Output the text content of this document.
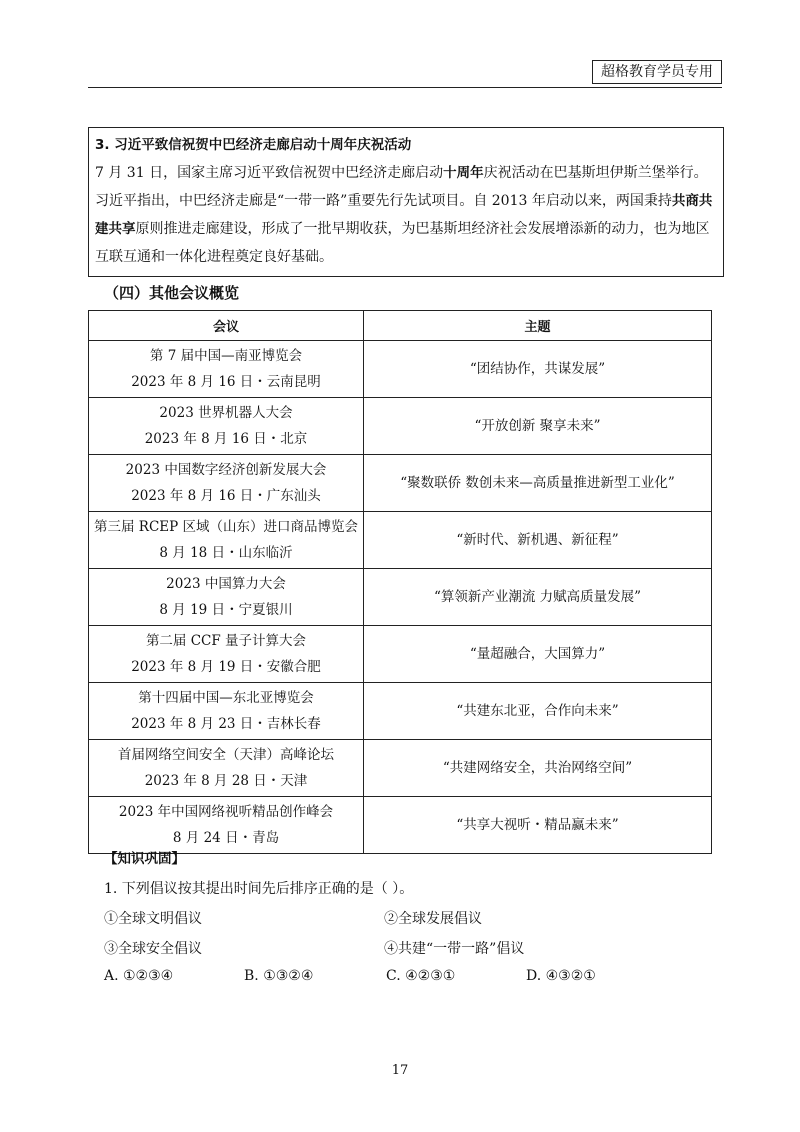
超格教育学员专用

3. 习近平致信祝贺中巴经济走廊启动十周年庆祝活动

7 月 31 日，国家主席习近平致信祝贺中巴经济走廊启动十周年庆祝活动在巴基斯坦伊斯兰堡举行。

习近平指出，中巴经济走廊是“一带一路”重要先行先试项目。自 2013 年启动以来，两国秉持共商共建共享原则推进走廊建设，形成了一批早期收获，为巴基斯坦经济社会发展增添新的动力，也为地区互联互通和一体化进程奠定良好基础。

（四）其他会议概览
会议	主题

第 7 届中国—南亚博览会
2023 年 8 月 16 日・云南昆明	“团结协作，共谋发展”

2023 世界机器人大会
2023 年 8 月 16 日・北京	“开放创新 聚享未来”

2023 中国数字经济创新发展大会
2023 年 8 月 16 日・广东汕头	“聚数联侨 数创未来—高质量推进新型工业化”

第三届 RCEP 区域（山东）进口商品博览会
8 月 18 日・山东临沂	“新时代、新机遇、新征程”

2023 中国算力大会
8 月 19 日・宁夏银川	“算领新产业潮流 力赋高质量发展”

第二届 CCF 量子计算大会
2023 年 8 月 19 日・安徽合肥	“量超融合，大国算力”

第十四届中国—东北亚博览会
2023 年 8 月 23 日・吉林长春	“共建东北亚，合作向未来”

首届网络空间安全（天津）高峰论坛
2023 年 8 月 28 日・天津	“共建网络安全，共治网络空间”

2023 年中国网络视听精品创作峰会
8 月 24 日・青岛	“共享大视听・精品赢未来”
【知识巩固】
1. 下列倡议按其提出时间先后排序正确的是（ ）。
①全球文明倡议	②全球发展倡议
③全球安全倡议	④共建“一带一路”倡议
A. ①②③④	B. ①③②④	C. ④②③①	D. ④③②①
17
